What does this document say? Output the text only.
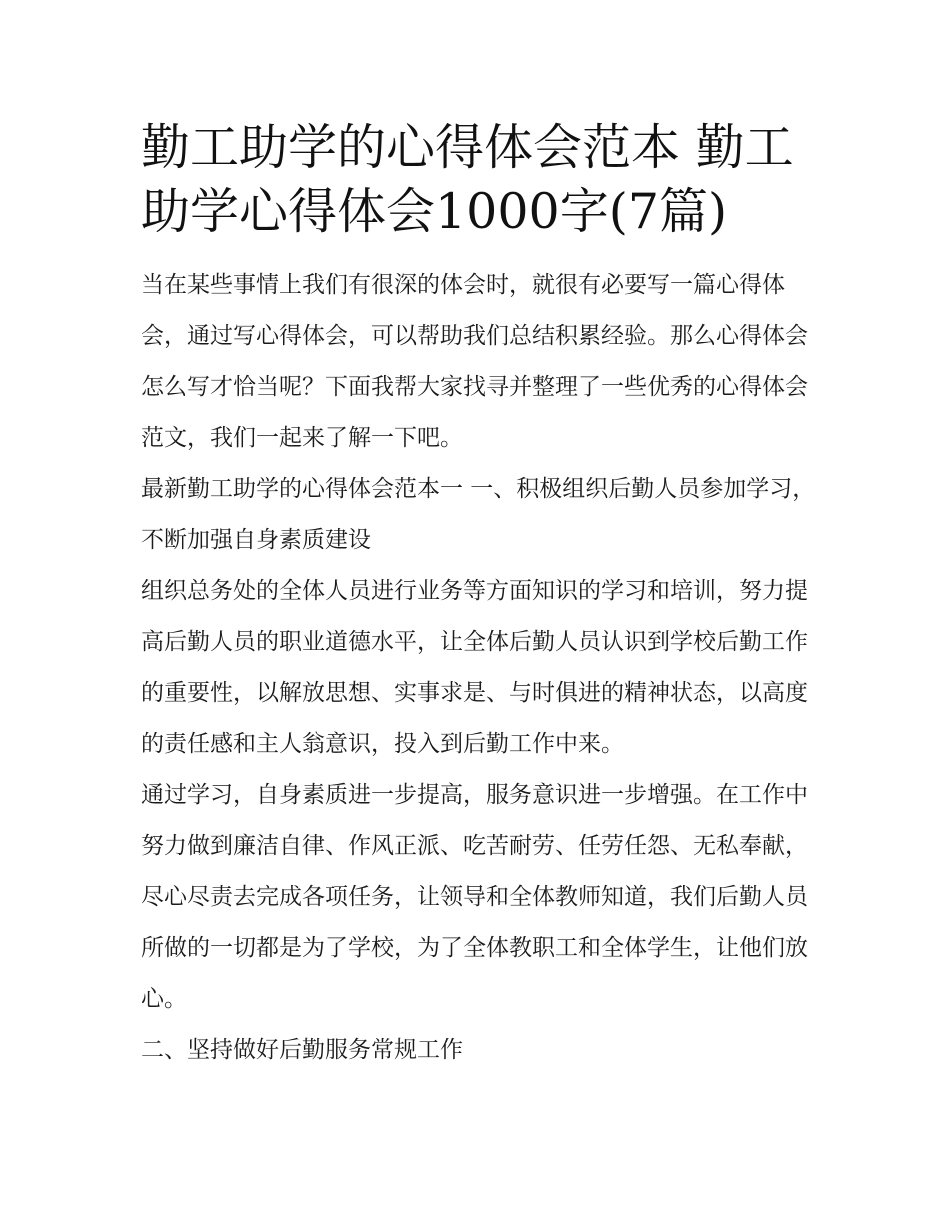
勤工助学的心得体会范本 勤工助学心得体会1000字(7篇)

当在某些事情上我们有很深的体会时，就很有必要写一篇心得体会，通过写心得体会，可以帮助我们总结积累经验。那么心得体会怎么写才恰当呢？下面我帮大家找寻并整理了一些优秀的心得体会范文，我们一起来了解一下吧。

最新勤工助学的心得体会范本一 一、积极组织后勤人员参加学习，不断加强自身素质建设

组织总务处的全体人员进行业务等方面知识的学习和培训，努力提高后勤人员的职业道德水平，让全体后勤人员认识到学校后勤工作的重要性，以解放思想、实事求是、与时俱进的精神状态，以高度的责任感和主人翁意识，投入到后勤工作中来。

通过学习，自身素质进一步提高，服务意识进一步增强。在工作中努力做到廉洁自律、作风正派、吃苦耐劳、任劳任怨、无私奉献，尽心尽责去完成各项任务，让领导和全体教师知道，我们后勤人员所做的一切都是为了学校，为了全体教职工和全体学生，让他们放心。

二、坚持做好后勤服务常规工作
